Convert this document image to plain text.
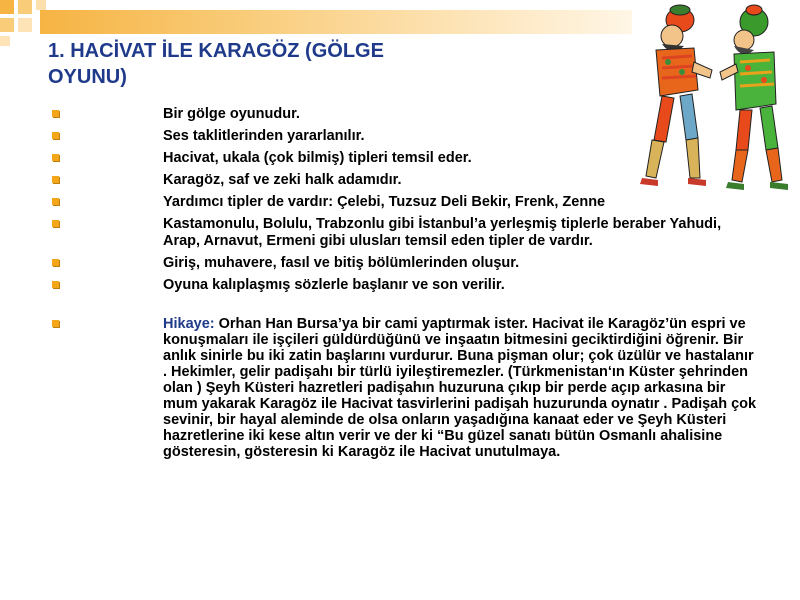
1. HACİVAT İLE KARAGÖZ (GÖLGE OYUNU)
Bir gölge oyunudur.
Ses taklitlerinden yararlanılır.
Hacivat, ukala (çok bilmiş) tipleri temsil eder.
Karagöz, saf ve zeki halk adamıdır.
Yardımcı tipler de vardır: Çelebi, Tuzsuz Deli Bekir, Frenk, Zenne
Kastamonulu, Bolulu, Trabzonlu gibi İstanbul’a yerleşmiş tiplerle beraber Yahudi, Arap, Arnavut, Ermeni gibi ulusları temsil eden tipler de vardır.
Giriş, muhavere, fasıl ve bitiş bölümlerinden oluşur.
Oyuna kalıplaşmış sözlerle başlanır ve son verilir.
Hikaye: Orhan Han Bursa’ya bir cami yaptırmak ister. Hacivat ile Karagöz’ün espri ve konuşmaları ile işçileri güldürdüğünü ve inşaatın bitmesini geciktirdiğini öğrenir. Bir anlık sinirle bu iki zatin başlarını vurdurur. Buna pişman olur; çok üzülür ve hastalanır . Hekimler, gelir padişahı bir türlü iyileştiremezler. (Türkmenistan‘ın Küster şehrinden olan ) Şeyh Küsteri hazretleri padişahın huzuruna çıkıp bir perde açıp arkasına bir mum yakarak Karagöz ile Hacivat tasvirlerini padişah huzurunda oynatır . Padişah çok sevinir, bir hayal aleminde de olsa onların yaşadığına kanaat eder ve Şeyh Küsteri hazretlerine iki kese altın verir ve der ki “Bu güzel sanatı bütün Osmanlı ahalisine gösteresin, gösteresin ki Karagöz ile Hacivat unutulmaya.
